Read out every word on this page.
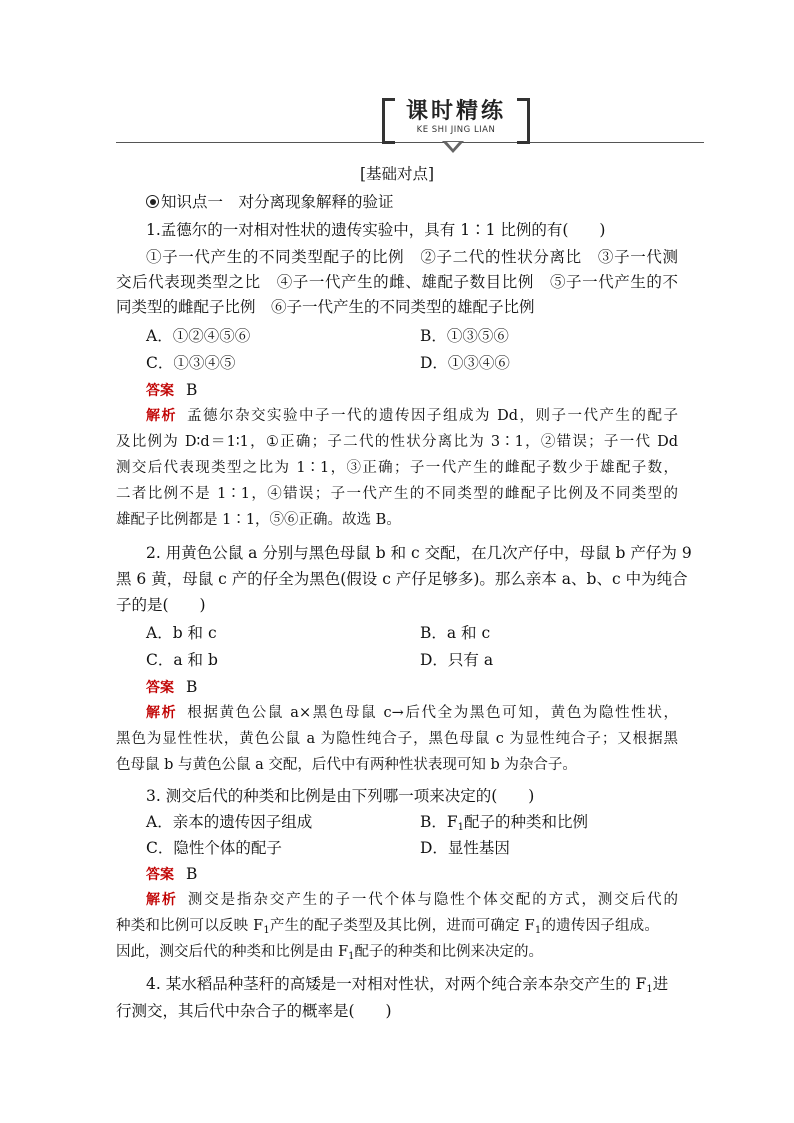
课时精练
KE SHI JING LIAN
[基础对点]
知识点一　对分离现象解释的验证
1.孟德尔的一对相对性状的遗传实验中，具有 1∶1 比例的有(　　)
①子一代产生的不同类型配子的比例　②子二代的性状分离比　③子一代测
交后代表现类型之比　④子一代产生的雌、雄配子数目比例　⑤子一代产生的不
同类型的雌配子比例　⑥子一代产生的不同类型的雄配子比例
A．①②④⑤⑥	B．①③⑤⑥
C．①③④⑤	D．①③④⑥
答案 B
解析 孟德尔杂交实验中子一代的遗传因子组成为 Dd，则子一代产生的配子
及比例为 D∶d＝1∶1，①正确；子二代的性状分离比为 3∶1，②错误；子一代 Dd
测交后代表现类型之比为 1∶1，③正确；子一代产生的雌配子数少于雄配子数，
二者比例不是 1∶1，④错误；子一代产生的不同类型的雌配子比例及不同类型的
雄配子比例都是 1∶1，⑤⑥正确。故选 B。
2. 用黄色公鼠 a 分别与黑色母鼠 b 和 c 交配，在几次产仔中，母鼠 b 产仔为 9
黑 6 黄，母鼠 c 产的仔全为黑色(假设 c 产仔足够多)。那么亲本 a、b、c 中为纯合
子的是(　　)
A．b 和 c	B．a 和 c
C．a 和 b	D．只有 a
答案 B
解析 根据黄色公鼠 a×黑色母鼠 c→后代全为黑色可知，黄色为隐性性状，
黑色为显性性状，黄色公鼠 a 为隐性纯合子，黑色母鼠 c 为显性纯合子；又根据黑
色母鼠 b 与黄色公鼠 a 交配，后代中有两种性状表现可知 b 为杂合子。
3. 测交后代的种类和比例是由下列哪一项来决定的(　　)
A．亲本的遗传因子组成	B．$F_1$配子的种类和比例
C．隐性个体的配子	D．显性基因
答案 B
解析 测交是指杂交产生的子一代个体与隐性个体交配的方式，测交后代的
种类和比例可以反映 $F_1$产生的配子类型及其比例，进而可确定 $F_1$的遗传因子组成。
因此，测交后代的种类和比例是由 $F_1$配子的种类和比例来决定的。
4. 某水稻品种茎秆的高矮是一对相对性状，对两个纯合亲本杂交产生的 $F_1$进
行测交，其后代中杂合子的概率是(　　)
